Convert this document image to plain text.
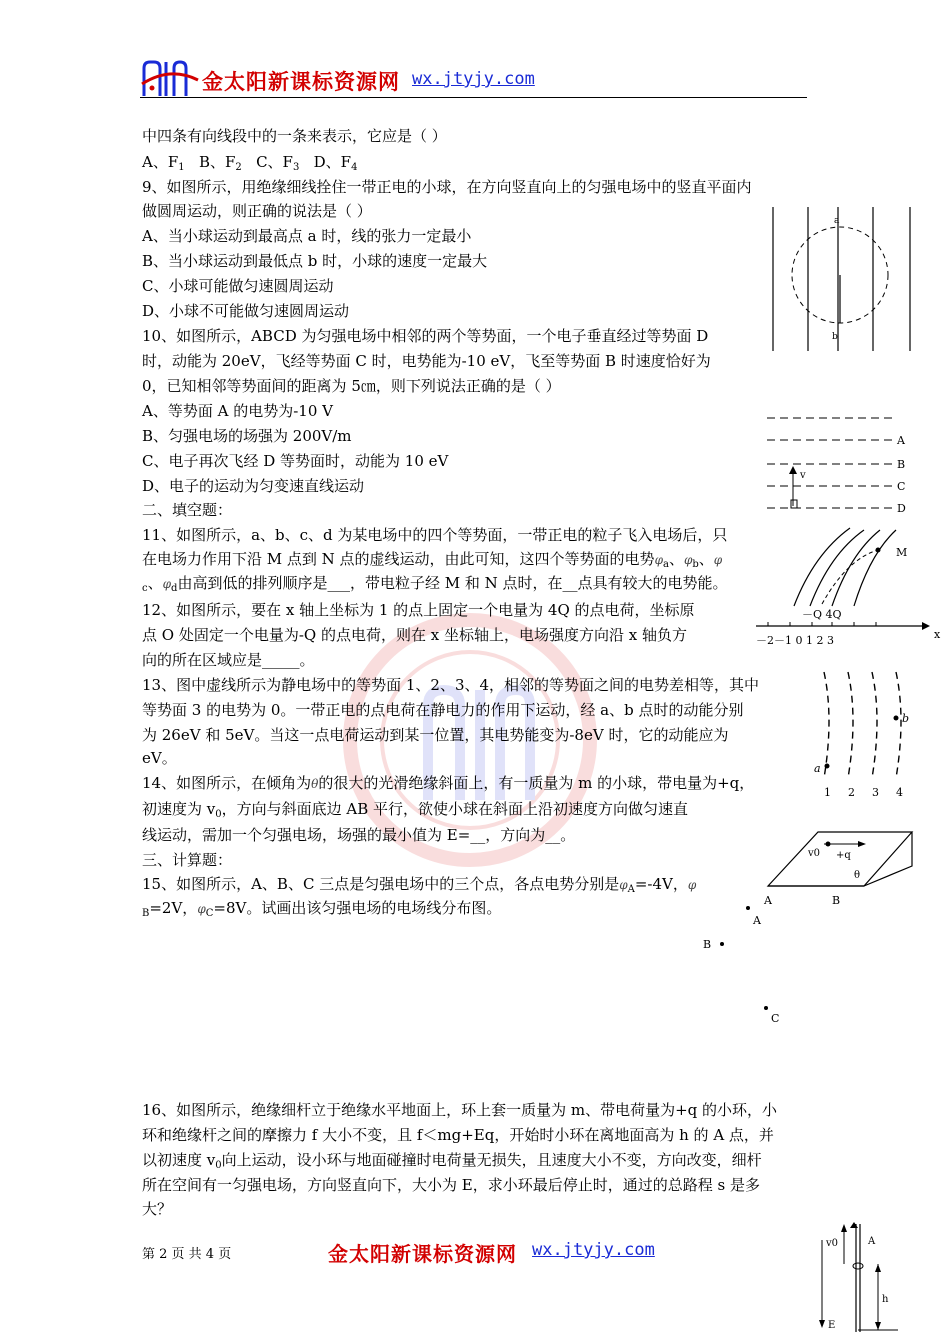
金太阳新课标资源网 wx.jtyjy.com
中四条有向线段中的一条来表示，它应是（ ）
A、$F_1$ B、$F_2$ C、$F_3$ D、$F_4$
9、如图所示，用绝缘细线拴住一带正电的小球，在方向竖直向上的匀强电场中的竖直平面内
做圆周运动，则正确的说法是（ ）
A、当小球运动到最高点 a 时，线的张力一定最小
B、当小球运动到最低点 b 时，小球的速度一定最大
C、小球可能做匀速圆周运动
D、小球不可能做匀速圆周运动
10、如图所示，ABCD 为匀强电场中相邻的两个等势面，一个电子垂直经过等势面 D
时，动能为 20eV，飞经等势面 C 时，电势能为-10 eV，飞至等势面 B 时速度恰好为
0，已知相邻等势面间的距离为 5㎝，则下列说法正确的是（ ）
A、等势面 A 的电势为-10 V
B、匀强电场的场强为 200V/m
C、电子再次飞经 D 等势面时，动能为 10 eV
D、电子的运动为匀变速直线运动
二、填空题：
11、如图所示，a、b、c、d 为某电场中的四个等势面，一带正电的粒子飞入电场后，只
在电场力作用下沿 M 点到 N 点的虚线运动，由此可知，这四个等势面的电势$\varphi_a$、$\varphi_b$、φ
$_c$、$\varphi_d$由高到低的排列顺序是___，带电粒子经 M 和 N 点时，在__点具有较大的电势能。
12、如图所示，要在 x 轴上坐标为 1 的点上固定一个电量为 4Q 的点电荷，坐标原
点 O 处固定一个电量为-Q 的点电荷，则在 x 坐标轴上，电场强度方向沿 x 轴负方
向的所在区域应是_____。
13、图中虚线所示为静电场中的等势面 1、2、3、4，相邻的等势面之间的电势差相等，其中
等势面 3 的电势为 0。一带正电的点电荷在静电力的作用下运动，经 a、b 点时的动能分别
为 26eV 和 5eV。当这一点电荷运动到某一位置，其电势能变为-8eV 时，它的动能应为
eV。
14、如图所示，在倾角为θ的很大的光滑绝缘斜面上，有一质量为 m 的小球，带电量为+q，
初速度为 $v_0$，方向与斜面底边 AB 平行，欲使小球在斜面上沿初速度方向做匀速直
线运动，需加一个匀强电场，场强的最小值为 E=__，方向为__。
三、计算题：
15、如图所示，A、B、C 三点是匀强电场中的三个点，各点电势分别是$\varphi_A=-4V$，φ
$_B$=2V，$\varphi_C=8V$。试画出该匀强电场的电场线分布图。
16、如图所示，绝缘细杆立于绝缘水平地面上，环上套一质量为 m、带电荷量为+q 的小环，小
环和绝缘杆之间的摩擦力 f 大小不变，且 f＜mg+Eq，开始时小环在离地面高为 h 的 A 点，并
以初速度 $v_0$向上运动，设小环与地面碰撞时电荷量无损失，且速度大小不变，方向改变，细杆
所在空间有一匀强电场，方向竖直向下，大小为 E，求小环最后停止时，通过的总路程 s 是多
大？
a
b
v
A
B
C
D
M
－Q 4Q
－2－1 0 1 2 3	x
a
b
1 2 3 4
v0 +q
θ
A	B
A
B
C
v0	A
h
E
第 2 页 共 4 页	金太阳新课标资源网 wx.jtyjy.com
